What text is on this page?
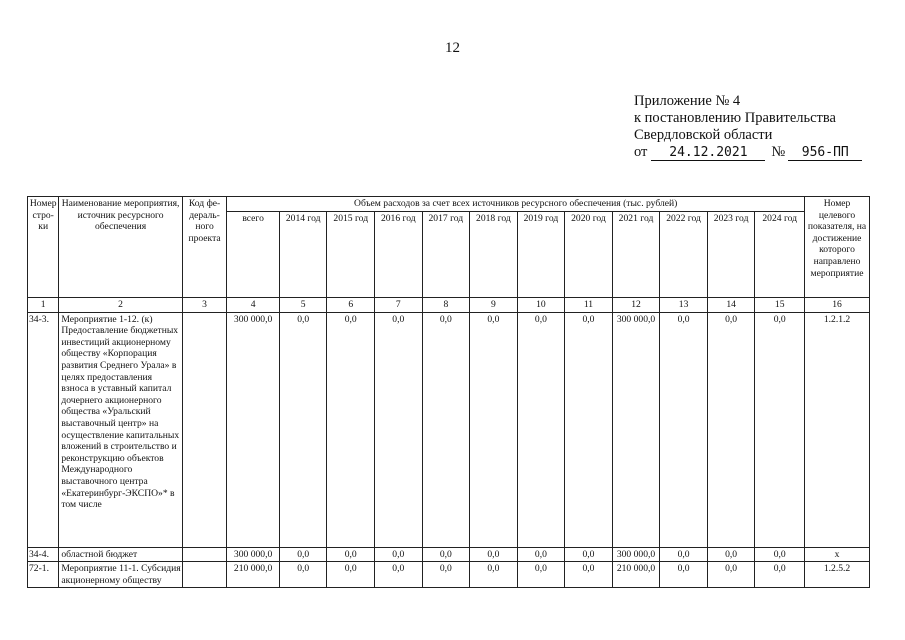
12
Приложение № 4
к постановлению Правительства
Свердловской области
от	24.12.2021	№	956-ПП
Номер стро-ки	Наименование мероприятия, источник ресурсного обеспечения	Код фе-дераль-ного проекта	Объем расходов за счет всех источников ресурсного обеспечения (тыс. рублей)												Номер целевого показателя, на достижение которого направлено мероприятие
			всего	2014 год	2015 год	2016 год	2017 год	2018 год	2019 год	2020 год	2021 год	2022 год	2023 год	2024 год	
1	2	3	4	5	6	7	8	9	10	11	12	13	14	15	16
34-3.	Мероприятие 1-12. (к) Предоставление бюджетных инвестиций акционерному обществу «Корпорация развития Среднего Урала» в целях предоставления взноса в уставный капитал дочернего акционерного общества «Уральский выставочный центр» на осуществление капитальных вложений в строительство и реконструкцию объектов Международного выставочного центра «Екатеринбург-ЭКСПО»* в том числе		300 000,0	0,0	0,0	0,0	0,0	0,0	0,0	0,0	300 000,0	0,0	0,0	0,0	1.2.1.2
34-4.	областной бюджет		300 000,0	0,0	0,0	0,0	0,0	0,0	0,0	0,0	300 000,0	0,0	0,0	0,0	х
72-1.	Мероприятие 11-1. Субсидия акционерному обществу		210 000,0	0,0	0,0	0,0	0,0	0,0	0,0	0,0	210 000,0	0,0	0,0	0,0	1.2.5.2
